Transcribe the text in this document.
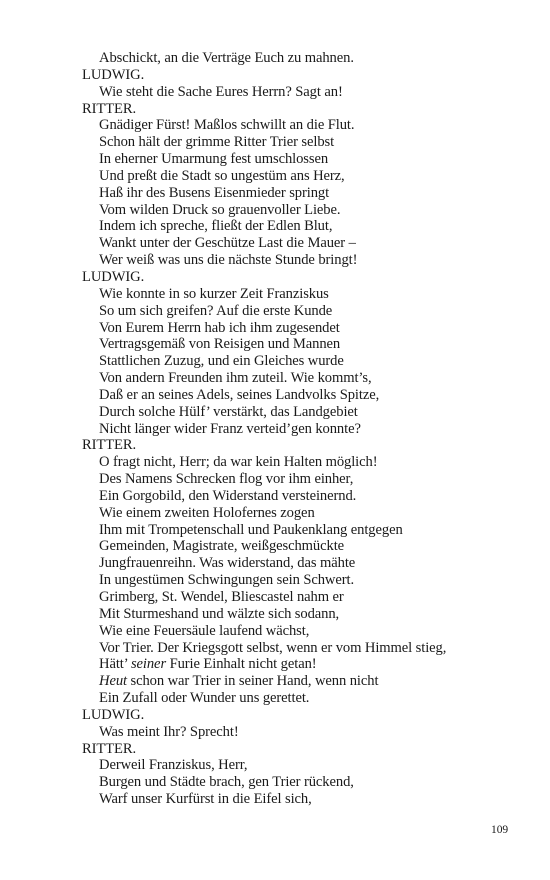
Abschickt, an die Verträge Euch zu mahnen.
LUDWIG.
Wie steht die Sache Eures Herrn? Sagt an!
RITTER.
Gnädiger Fürst! Maßlos schwillt an die Flut.
Schon hält der grimme Ritter Trier selbst
In eherner Umarmung fest umschlossen
Und preßt die Stadt so ungestüm ans Herz,
Haß ihr des Busens Eisenmieder springt
Vom wilden Druck so grauenvoller Liebe.
Indem ich spreche, fließt der Edlen Blut,
Wankt unter der Geschütze Last die Mauer –
Wer weiß was uns die nächste Stunde bringt!
LUDWIG.
Wie konnte in so kurzer Zeit Franziskus
So um sich greifen? Auf die erste Kunde
Von Eurem Herrn hab ich ihm zugesendet
Vertragsgemäß von Reisigen und Mannen
Stattlichen Zuzug, und ein Gleiches wurde
Von andern Freunden ihm zuteil. Wie kommt’s,
Daß er an seines Adels, seines Landvolks Spitze,
Durch solche Hülf’ verstärkt, das Landgebiet
Nicht länger wider Franz verteid’gen konnte?
RITTER.
O fragt nicht, Herr; da war kein Halten möglich!
Des Namens Schrecken flog vor ihm einher,
Ein Gorgobild, den Widerstand versteinernd.
Wie einem zweiten Holofernes zogen
Ihm mit Trompetenschall und Paukenklang entgegen
Gemeinden, Magistrate, weißgeschmückte
Jungfrauenreihn. Was widerstand, das mähte
In ungestümen Schwingungen sein Schwert.
Grimberg, St. Wendel, Bliescastel nahm er
Mit Sturmeshand und wälzte sich sodann,
Wie eine Feuersäule laufend wächst,
Vor Trier. Der Kriegsgott selbst, wenn er vom Himmel stieg,
Hätt’ seiner Furie Einhalt nicht getan!
Heut schon war Trier in seiner Hand, wenn nicht
Ein Zufall oder Wunder uns gerettet.
LUDWIG.
Was meint Ihr? Sprecht!
RITTER.
Derweil Franziskus, Herr,
Burgen und Städte brach, gen Trier rückend,
Warf unser Kurfürst in die Eifel sich,
109
